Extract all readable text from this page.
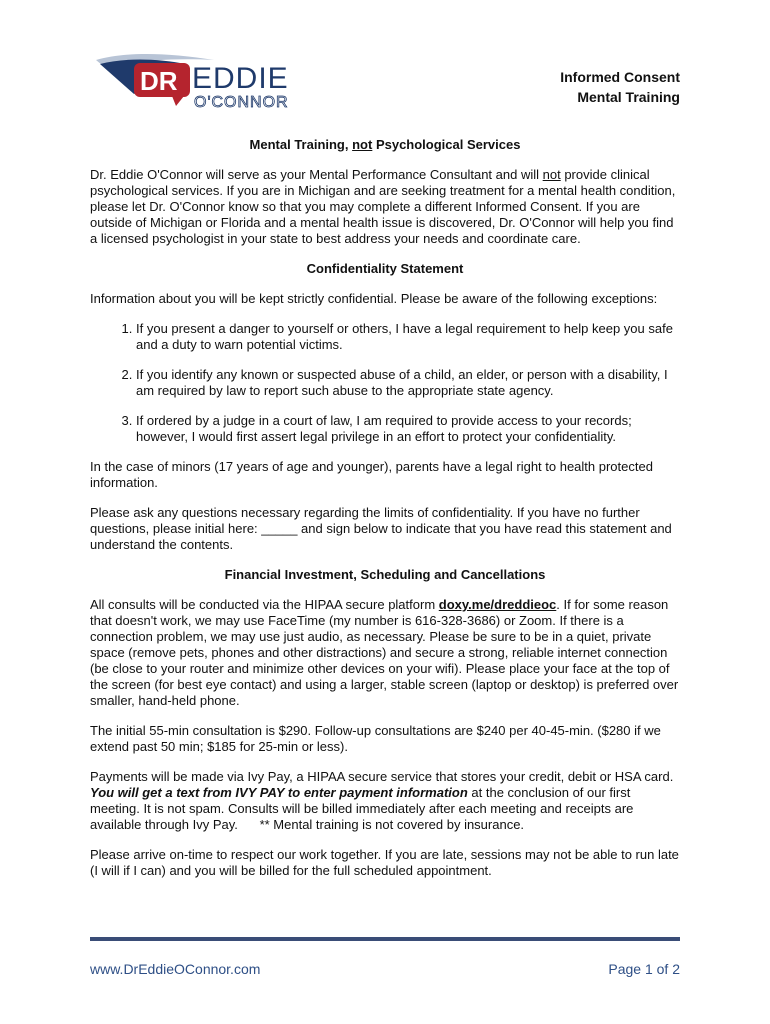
DR EDDIE
O'CONNOR
Informed Consent
Mental Training
Mental Training, not Psychological Services

Dr. Eddie O'Connor will serve as your Mental Performance Consultant and will not provide clinical psychological services. If you are in Michigan and are seeking treatment for a mental health condition, please let Dr. O'Connor know so that you may complete a different Informed Consent. If you are outside of Michigan or Florida and a mental health issue is discovered, Dr. O'Connor will help you find a licensed psychologist in your state to best address your needs and coordinate care.

Confidentiality Statement

Information about you will be kept strictly confidential. Please be aware of the following exceptions:

1. If you present a danger to yourself or others, I have a legal requirement to help keep you safe and a duty to warn potential victims.
2. If you identify any known or suspected abuse of a child, an elder, or person with a disability, I am required by law to report such abuse to the appropriate state agency.
3. If ordered by a judge in a court of law, I am required to provide access to your records; however, I would first assert legal privilege in an effort to protect your confidentiality.

In the case of minors (17 years of age and younger), parents have a legal right to health protected information.

Please ask any questions necessary regarding the limits of confidentiality. If you have no further questions, please initial here: _____ and sign below to indicate that you have read this statement and understand the contents.

Financial Investment, Scheduling and Cancellations

All consults will be conducted via the HIPAA secure platform doxy.me/dreddieoc. If for some reason that doesn't work, we may use FaceTime (my number is 616-328-3686) or Zoom. If there is a connection problem, we may use just audio, as necessary. Please be sure to be in a quiet, private space (remove pets, phones and other distractions) and secure a strong, reliable internet connection (be close to your router and minimize other devices on your wifi). Please place your face at the top of the screen (for best eye contact) and using a larger, stable screen (laptop or desktop) is preferred over smaller, hand-held phone.

The initial 55-min consultation is $290. Follow-up consultations are $240 per 40-45-min. ($280 if we extend past 50 min; $185 for 25-min or less).

Payments will be made via Ivy Pay, a HIPAA secure service that stores your credit, debit or HSA card. You will get a text from IVY PAY to enter payment information at the conclusion of our first meeting. It is not spam. Consults will be billed immediately after each meeting and receipts are available through Ivy Pay.      ** Mental training is not covered by insurance.

Please arrive on-time to respect our work together. If you are late, sessions may not be able to run late (I will if I can) and you will be billed for the full scheduled appointment.

www.DrEddieOConnor.com	Page 1 of 2
